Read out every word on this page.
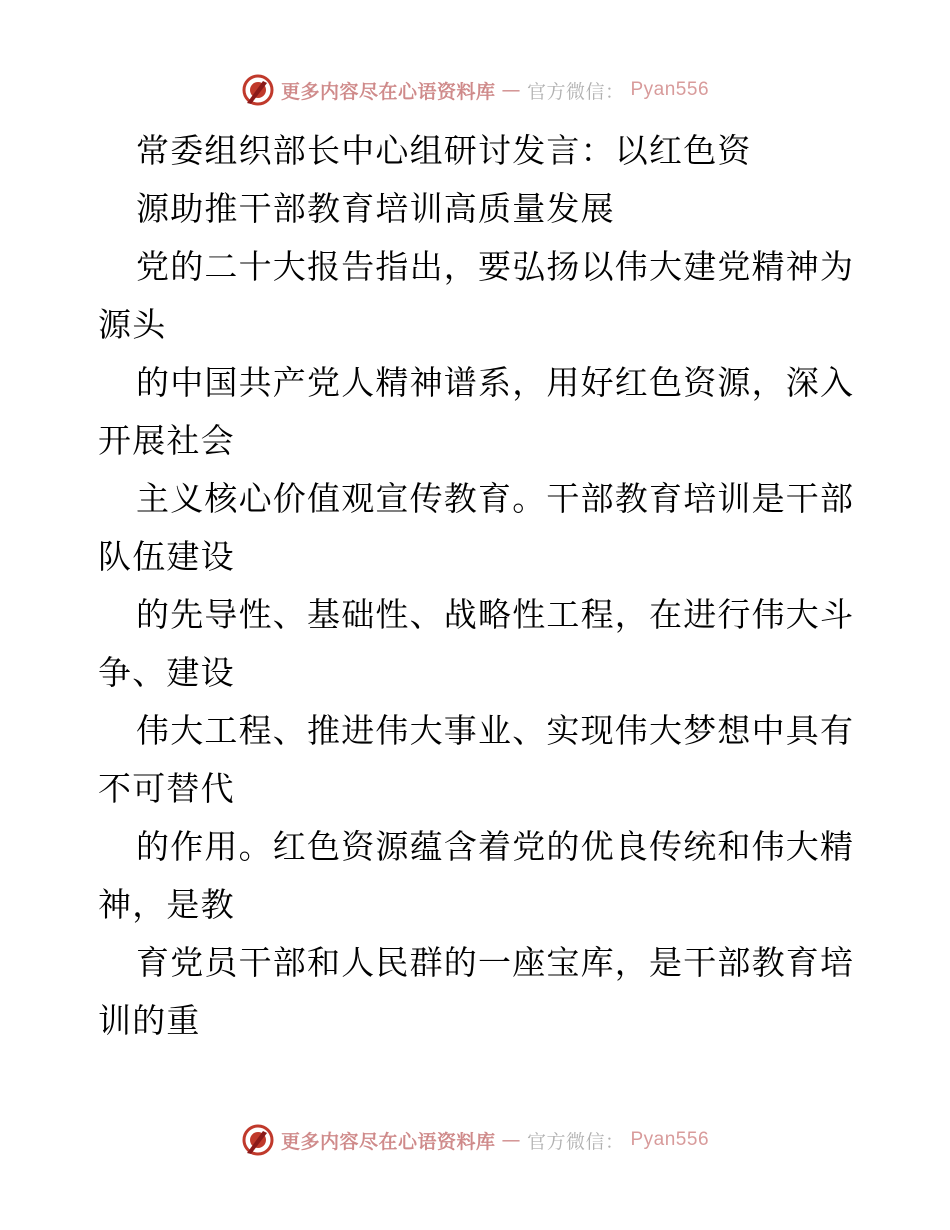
更多内容尽在心语资料库 — 官方微信： Pyan556
常委组织部长中心组研讨发言：以红色资
源助推干部教育培训高质量发展
党的二十大报告指出，要弘扬以伟大建党精神为
源头
的中国共产党人精神谱系，用好红色资源，深入
开展社会
主义核心价值观宣传教育。干部教育培训是干部
队伍建设
的先导性、基础性、战略性工程，在进行伟大斗
争、建设
伟大工程、推进伟大事业、实现伟大梦想中具有
不可替代
的作用。红色资源蕴含着党的优良传统和伟大精
神，是教
育党员干部和人民群的一座宝库，是干部教育培
训的重
更多内容尽在心语资料库 — 官方微信： Pyan556
